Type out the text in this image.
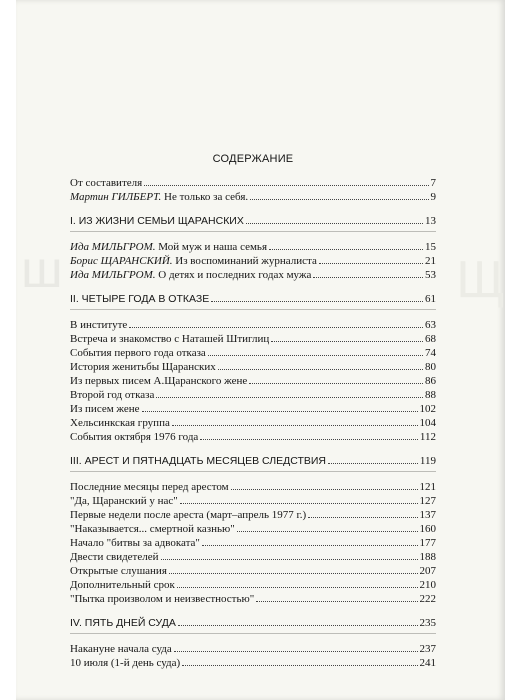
ш	Щ
СОДЕРЖАНИЕ
От составителя	7
Мартин ГИЛБЕРТ. Не только за себя.	9
I. ИЗ ЖИЗНИ СЕМЬИ ЩАРАНСКИХ	13
Ида МИЛЬГРОМ. Мой муж и наша семья	15
Борис ЩАРАНСКИЙ. Из воспоминаний журналиста	21
Ида МИЛЬГРОМ. О детях и последних годах мужа	53
II. ЧЕТЫРЕ ГОДА В ОТКАЗЕ	61
В институте	63
Встреча и знакомство с Наташей Штиглиц	68
События первого года отказа	74
История женитьбы Щаранских	80
Из первых писем А.Щаранского жене	86
Второй год отказа	88
Из писем жене	102
Хельсинкская группа	104
События октября 1976 года	112
III. АРЕСТ И ПЯТНАДЦАТЬ МЕСЯЦЕВ СЛЕДСТВИЯ	119
Последние месяцы перед арестом	121
"Да, Щаранский у нас"	127
Первые недели после ареста (март–апрель 1977 г.)	137
"Наказывается... смертной казнью"	160
Начало "битвы за адвоката"	177
Двести свидетелей	188
Открытые слушания	207
Дополнительный срок	210
"Пытка произволом и неизвестностью"	222
IV. ПЯТЬ ДНЕЙ СУДА	235
Накануне начала суда	237
10 июля (1-й день суда)	241
